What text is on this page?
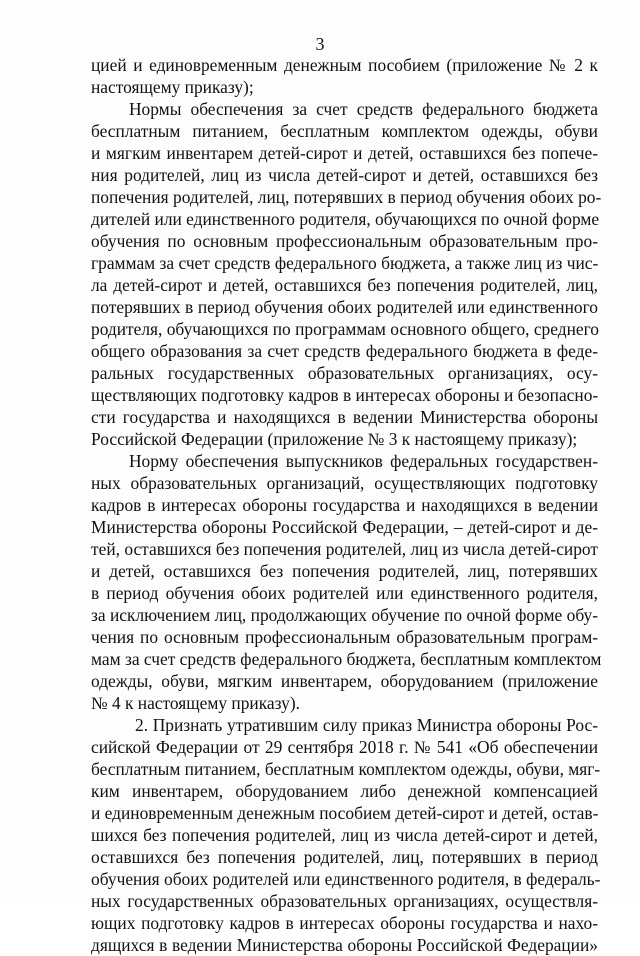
3
цией и единовременным денежным пособием (приложение № 2 к
настоящему приказу);
Нормы обеспечения за счет средств федерального бюджета
бесплатным питанием, бесплатным комплектом одежды, обуви
и мягким инвентарем детей-сирот и детей, оставшихся без попече-
ния родителей, лиц из числа детей-сирот и детей, оставшихся без
попечения родителей, лиц, потерявших в период обучения обоих ро-
дителей или единственного родителя, обучающихся по очной форме
обучения по основным профессиональным образовательным про-
граммам за счет средств федерального бюджета, а также лиц из чис-
ла детей-сирот и детей, оставшихся без попечения родителей, лиц,
потерявших в период обучения обоих родителей или единственного
родителя, обучающихся по программам основного общего, среднего
общего образования за счет средств федерального бюджета в феде-
ральных государственных образовательных организациях, осу-
ществляющих подготовку кадров в интересах обороны и безопасно-
сти государства и находящихся в ведении Министерства обороны
Российской Федерации (приложение № 3 к настоящему приказу);
Норму обеспечения выпускников федеральных государствен-
ных образовательных организаций, осуществляющих подготовку
кадров в интересах обороны государства и находящихся в ведении
Министерства обороны Российской Федерации, – детей-сирот и де-
тей, оставшихся без попечения родителей, лиц из числа детей-сирот
и детей, оставшихся без попечения родителей, лиц, потерявших
в период обучения обоих родителей или единственного родителя,
за исключением лиц, продолжающих обучение по очной форме обу-
чения по основным профессиональным образовательным програм-
мам за счет средств федерального бюджета, бесплатным комплектом
одежды, обуви, мягким инвентарем, оборудованием (приложение
№ 4 к настоящему приказу).
2. Признать утратившим силу приказ Министра обороны Рос-
сийской Федерации от 29 сентября 2018 г. № 541 «Об обеспечении
бесплатным питанием, бесплатным комплектом одежды, обуви, мяг-
ким инвентарем, оборудованием либо денежной компенсацией
и единовременным денежным пособием детей-сирот и детей, остав-
шихся без попечения родителей, лиц из числа детей-сирот и детей,
оставшихся без попечения родителей, лиц, потерявших в период
обучения обоих родителей или единственного родителя, в федераль-
ных государственных образовательных организациях, осуществля-
ющих подготовку кадров в интересах обороны государства и нахо-
дящихся в ведении Министерства обороны Российской Федерации»
